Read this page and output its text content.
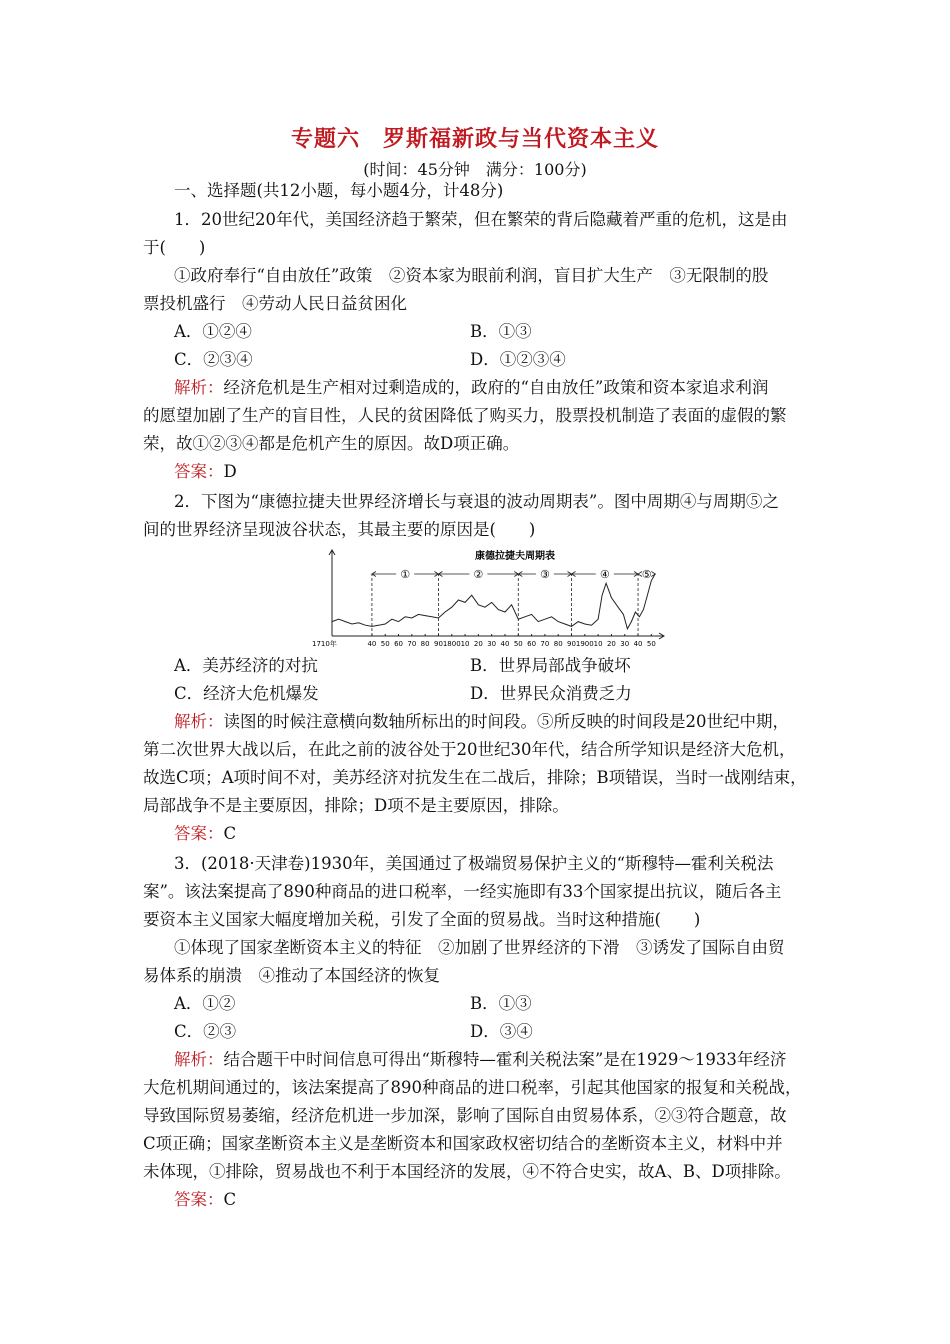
专题六　罗斯福新政与当代资本主义
(时间：45分钟　满分：100分)
一、选择题(共12小题，每小题4分，计48分)
1．20世纪20年代，美国经济趋于繁荣，但在繁荣的背后隐藏着严重的危机，这是由
于(　　)
①政府奉行“自由放任”政策　②资本家为眼前利润，盲目扩大生产　③无限制的股
票投机盛行　④劳动人民日益贫困化
A．①②④	B．①③
C．②③④	D．①②③④
解析：经济危机是生产相对过剩造成的，政府的“自由放任”政策和资本家追求利润
的愿望加剧了生产的盲目性，人民的贫困降低了购买力，股票投机制造了表面的虚假的繁
荣，故①②③④都是危机产生的原因。故D项正确。
答案：D
2．下图为“康德拉捷夫世界经济增长与衰退的波动周期表”。图中周期④与周期⑤之
间的世界经济呈现波谷状态，其最主要的原因是(　　)
康德拉捷夫周期表
1710年	40 50 60 70 80 90 1800 10 20 30 40 50 60 70 80 90 1900 10 20 30 40 50
①	②	③	④	⑤
A．美苏经济的对抗	B．世界局部战争破坏
C．经济大危机爆发	D．世界民众消费乏力
解析：读图的时候注意横向数轴所标出的时间段。⑤所反映的时间段是20世纪中期，
第二次世界大战以后，在此之前的波谷处于20世纪30年代，结合所学知识是经济大危机，
故选C项；A项时间不对，美苏经济对抗发生在二战后，排除；B项错误，当时一战刚结束，
局部战争不是主要原因，排除；D项不是主要原因，排除。
答案：C
3．(2018·天津卷)1930年，美国通过了极端贸易保护主义的“斯穆特—霍利关税法
案”。该法案提高了890种商品的进口税率，一经实施即有33个国家提出抗议，随后各主
要资本主义国家大幅度增加关税，引发了全面的贸易战。当时这种措施(　　)
①体现了国家垄断资本主义的特征　②加剧了世界经济的下滑　③诱发了国际自由贸
易体系的崩溃　④推动了本国经济的恢复
A．①②	B．①③
C．②③	D．③④
解析：结合题干中时间信息可得出“斯穆特—霍利关税法案”是在1929～1933年经济
大危机期间通过的，该法案提高了890种商品的进口税率，引起其他国家的报复和关税战，
导致国际贸易萎缩，经济危机进一步加深，影响了国际自由贸易体系，②③符合题意，故
C项正确；国家垄断资本主义是垄断资本和国家政权密切结合的垄断资本主义，材料中并
未体现，①排除，贸易战也不利于本国经济的发展，④不符合史实，故A、B、D项排除。
答案：C
